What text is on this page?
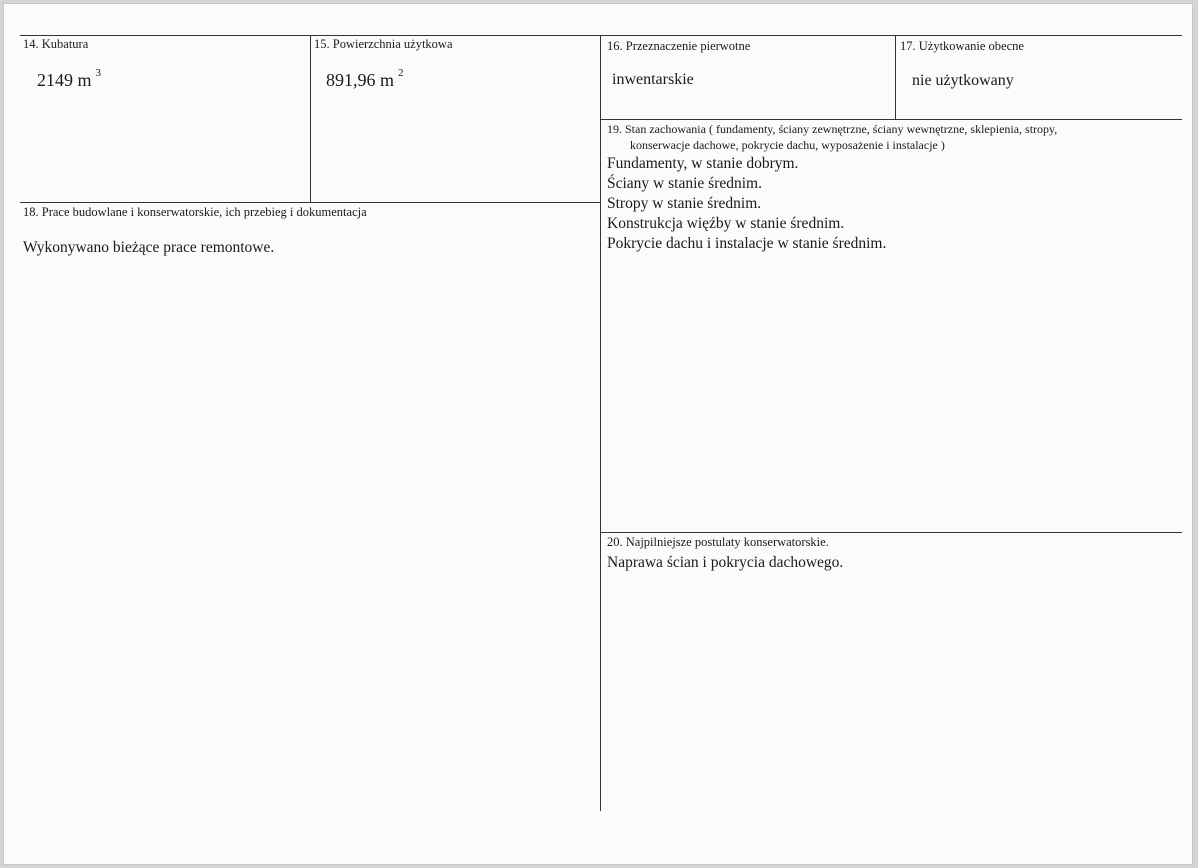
14. Kubatura
2149 m $^3$
15. Powierzchnia użytkowa
891,96 m $^2$
16. Przeznaczenie pierwotne
inwentarskie
17. Użytkowanie obecne
nie użytkowany
19. Stan zachowania ( fundamenty, ściany zewnętrzne, ściany wewnętrzne, sklepienia, stropy,
konserwacje dachowe, pokrycie dachu, wyposażenie i instalacje )
Fundamenty, w stanie dobrym.
Ściany w stanie średnim.
Stropy w stanie średnim.
Konstrukcja więźby w stanie średnim.
Pokrycie dachu i instalacje w stanie średnim.
18. Prace budowlane i konserwatorskie, ich przebieg i dokumentacja
Wykonywano bieżące prace remontowe.
20. Najpilniejsze postulaty konserwatorskie.
Naprawa ścian i pokrycia dachowego.
